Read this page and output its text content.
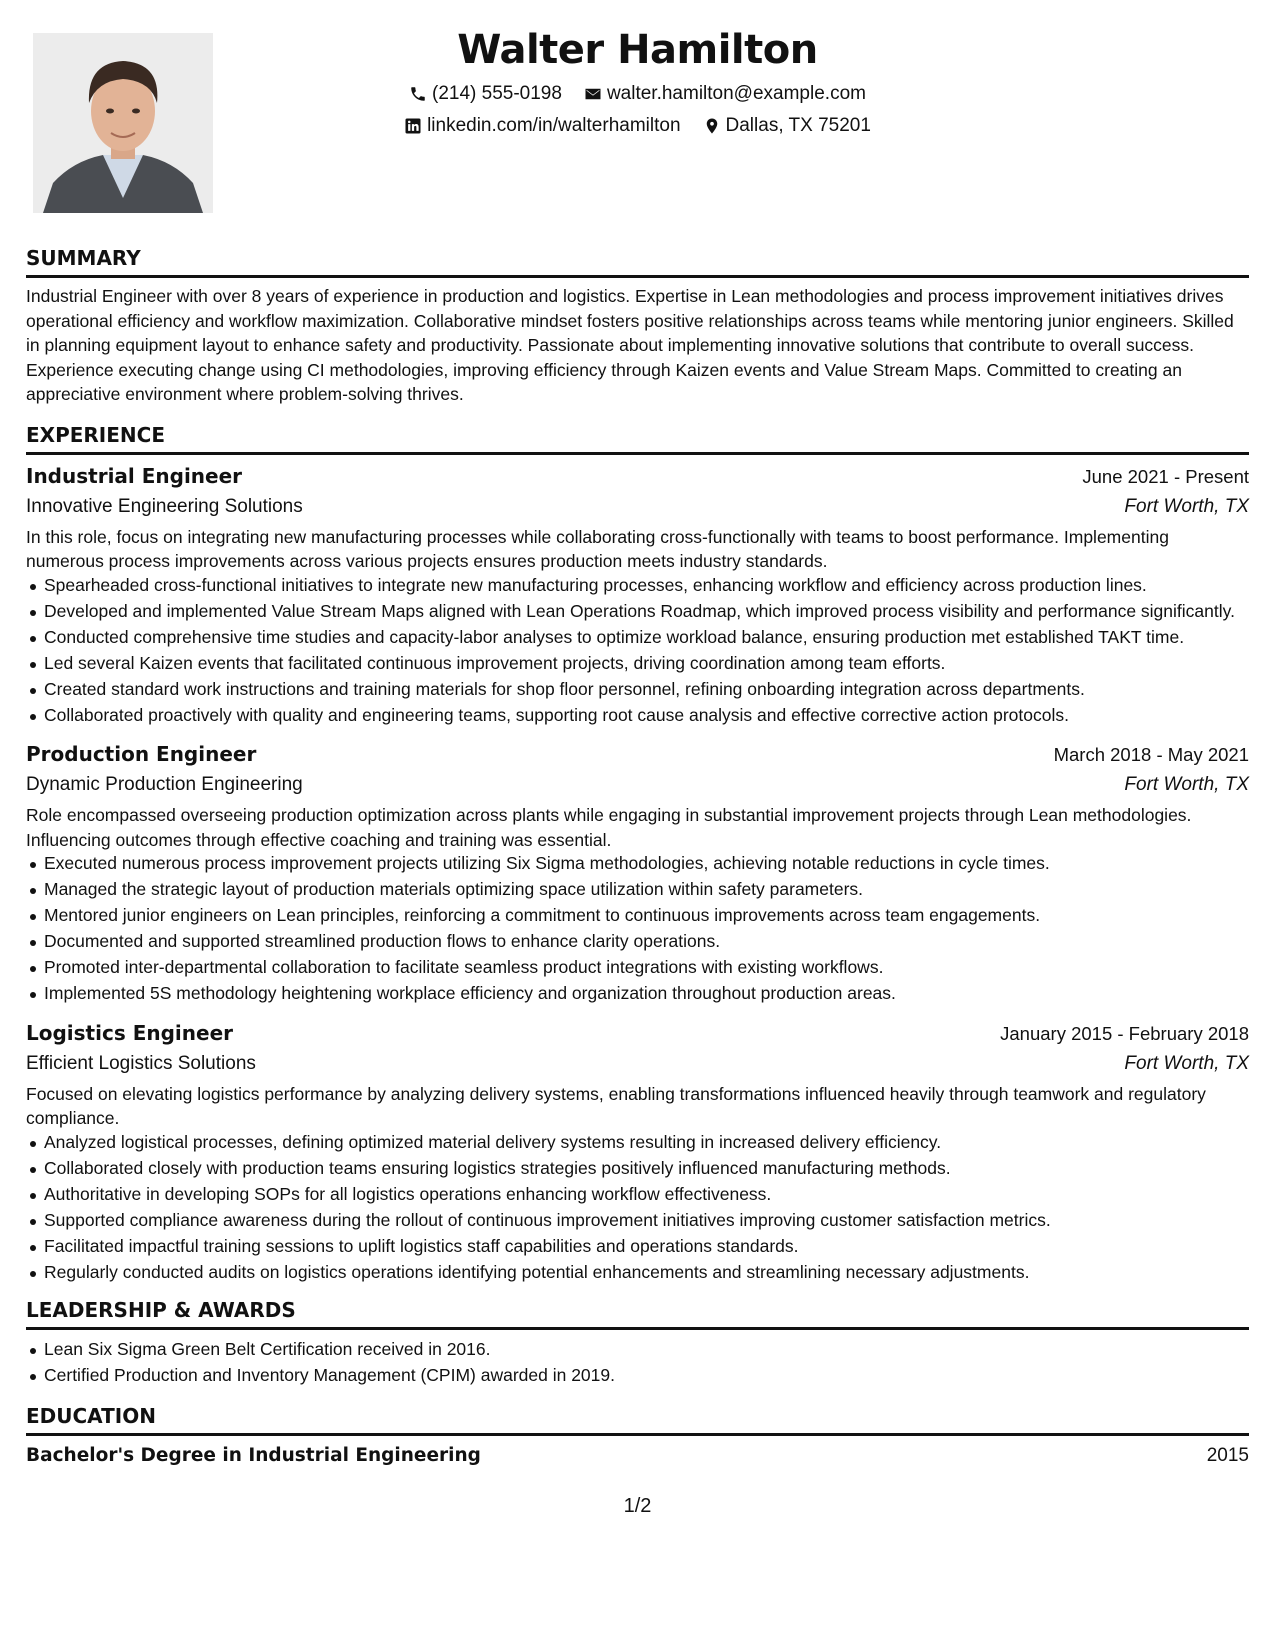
Walter Hamilton
(214) 555-0198 walter.hamilton@example.com
linkedin.com/in/walterhamilton Dallas, TX 75201
SUMMARY

Industrial Engineer with over 8 years of experience in production and logistics. Expertise in Lean methodologies and process improvement initiatives drives operational efficiency and workflow maximization. Collaborative mindset fosters positive relationships across teams while mentoring junior engineers. Skilled in planning equipment layout to enhance safety and productivity. Passionate about implementing innovative solutions that contribute to overall success. Experience executing change using CI methodologies, improving efficiency through Kaizen events and Value Stream Maps. Committed to creating an appreciative environment where problem-solving thrives.

EXPERIENCE
Industrial Engineer	June 2021 - Present
Innovative Engineering Solutions	Fort Worth, TX

In this role, focus on integrating new manufacturing processes while collaborating cross-functionally with teams to boost performance. Implementing numerous process improvements across various projects ensures production meets industry standards.

Spearheaded cross-functional initiatives to integrate new manufacturing processes, enhancing workflow and efficiency across production lines.
Developed and implemented Value Stream Maps aligned with Lean Operations Roadmap, which improved process visibility and performance significantly.
Conducted comprehensive time studies and capacity-labor analyses to optimize workload balance, ensuring production met established TAKT time.
Led several Kaizen events that facilitated continuous improvement projects, driving coordination among team efforts.
Created standard work instructions and training materials for shop floor personnel, refining onboarding integration across departments.
Collaborated proactively with quality and engineering teams, supporting root cause analysis and effective corrective action protocols.
Production Engineer	March 2018 - May 2021
Dynamic Production Engineering	Fort Worth, TX

Role encompassed overseeing production optimization across plants while engaging in substantial improvement projects through Lean methodologies. Influencing outcomes through effective coaching and training was essential.

Executed numerous process improvement projects utilizing Six Sigma methodologies, achieving notable reductions in cycle times.
Managed the strategic layout of production materials optimizing space utilization within safety parameters.
Mentored junior engineers on Lean principles, reinforcing a commitment to continuous improvements across team engagements.
Documented and supported streamlined production flows to enhance clarity operations.
Promoted inter-departmental collaboration to facilitate seamless product integrations with existing workflows.
Implemented 5S methodology heightening workplace efficiency and organization throughout production areas.
Logistics Engineer	January 2015 - February 2018
Efficient Logistics Solutions	Fort Worth, TX

Focused on elevating logistics performance by analyzing delivery systems, enabling transformations influenced heavily through teamwork and regulatory compliance.

Analyzed logistical processes, defining optimized material delivery systems resulting in increased delivery efficiency.
Collaborated closely with production teams ensuring logistics strategies positively influenced manufacturing methods.
Authoritative in developing SOPs for all logistics operations enhancing workflow effectiveness.
Supported compliance awareness during the rollout of continuous improvement initiatives improving customer satisfaction metrics.
Facilitated impactful training sessions to uplift logistics staff capabilities and operations standards.
Regularly conducted audits on logistics operations identifying potential enhancements and streamlining necessary adjustments.
LEADERSHIP & AWARDS
Lean Six Sigma Green Belt Certification received in 2016.
Certified Production and Inventory Management (CPIM) awarded in 2019.
EDUCATION
Bachelor's Degree in Industrial Engineering	2015
1/2
